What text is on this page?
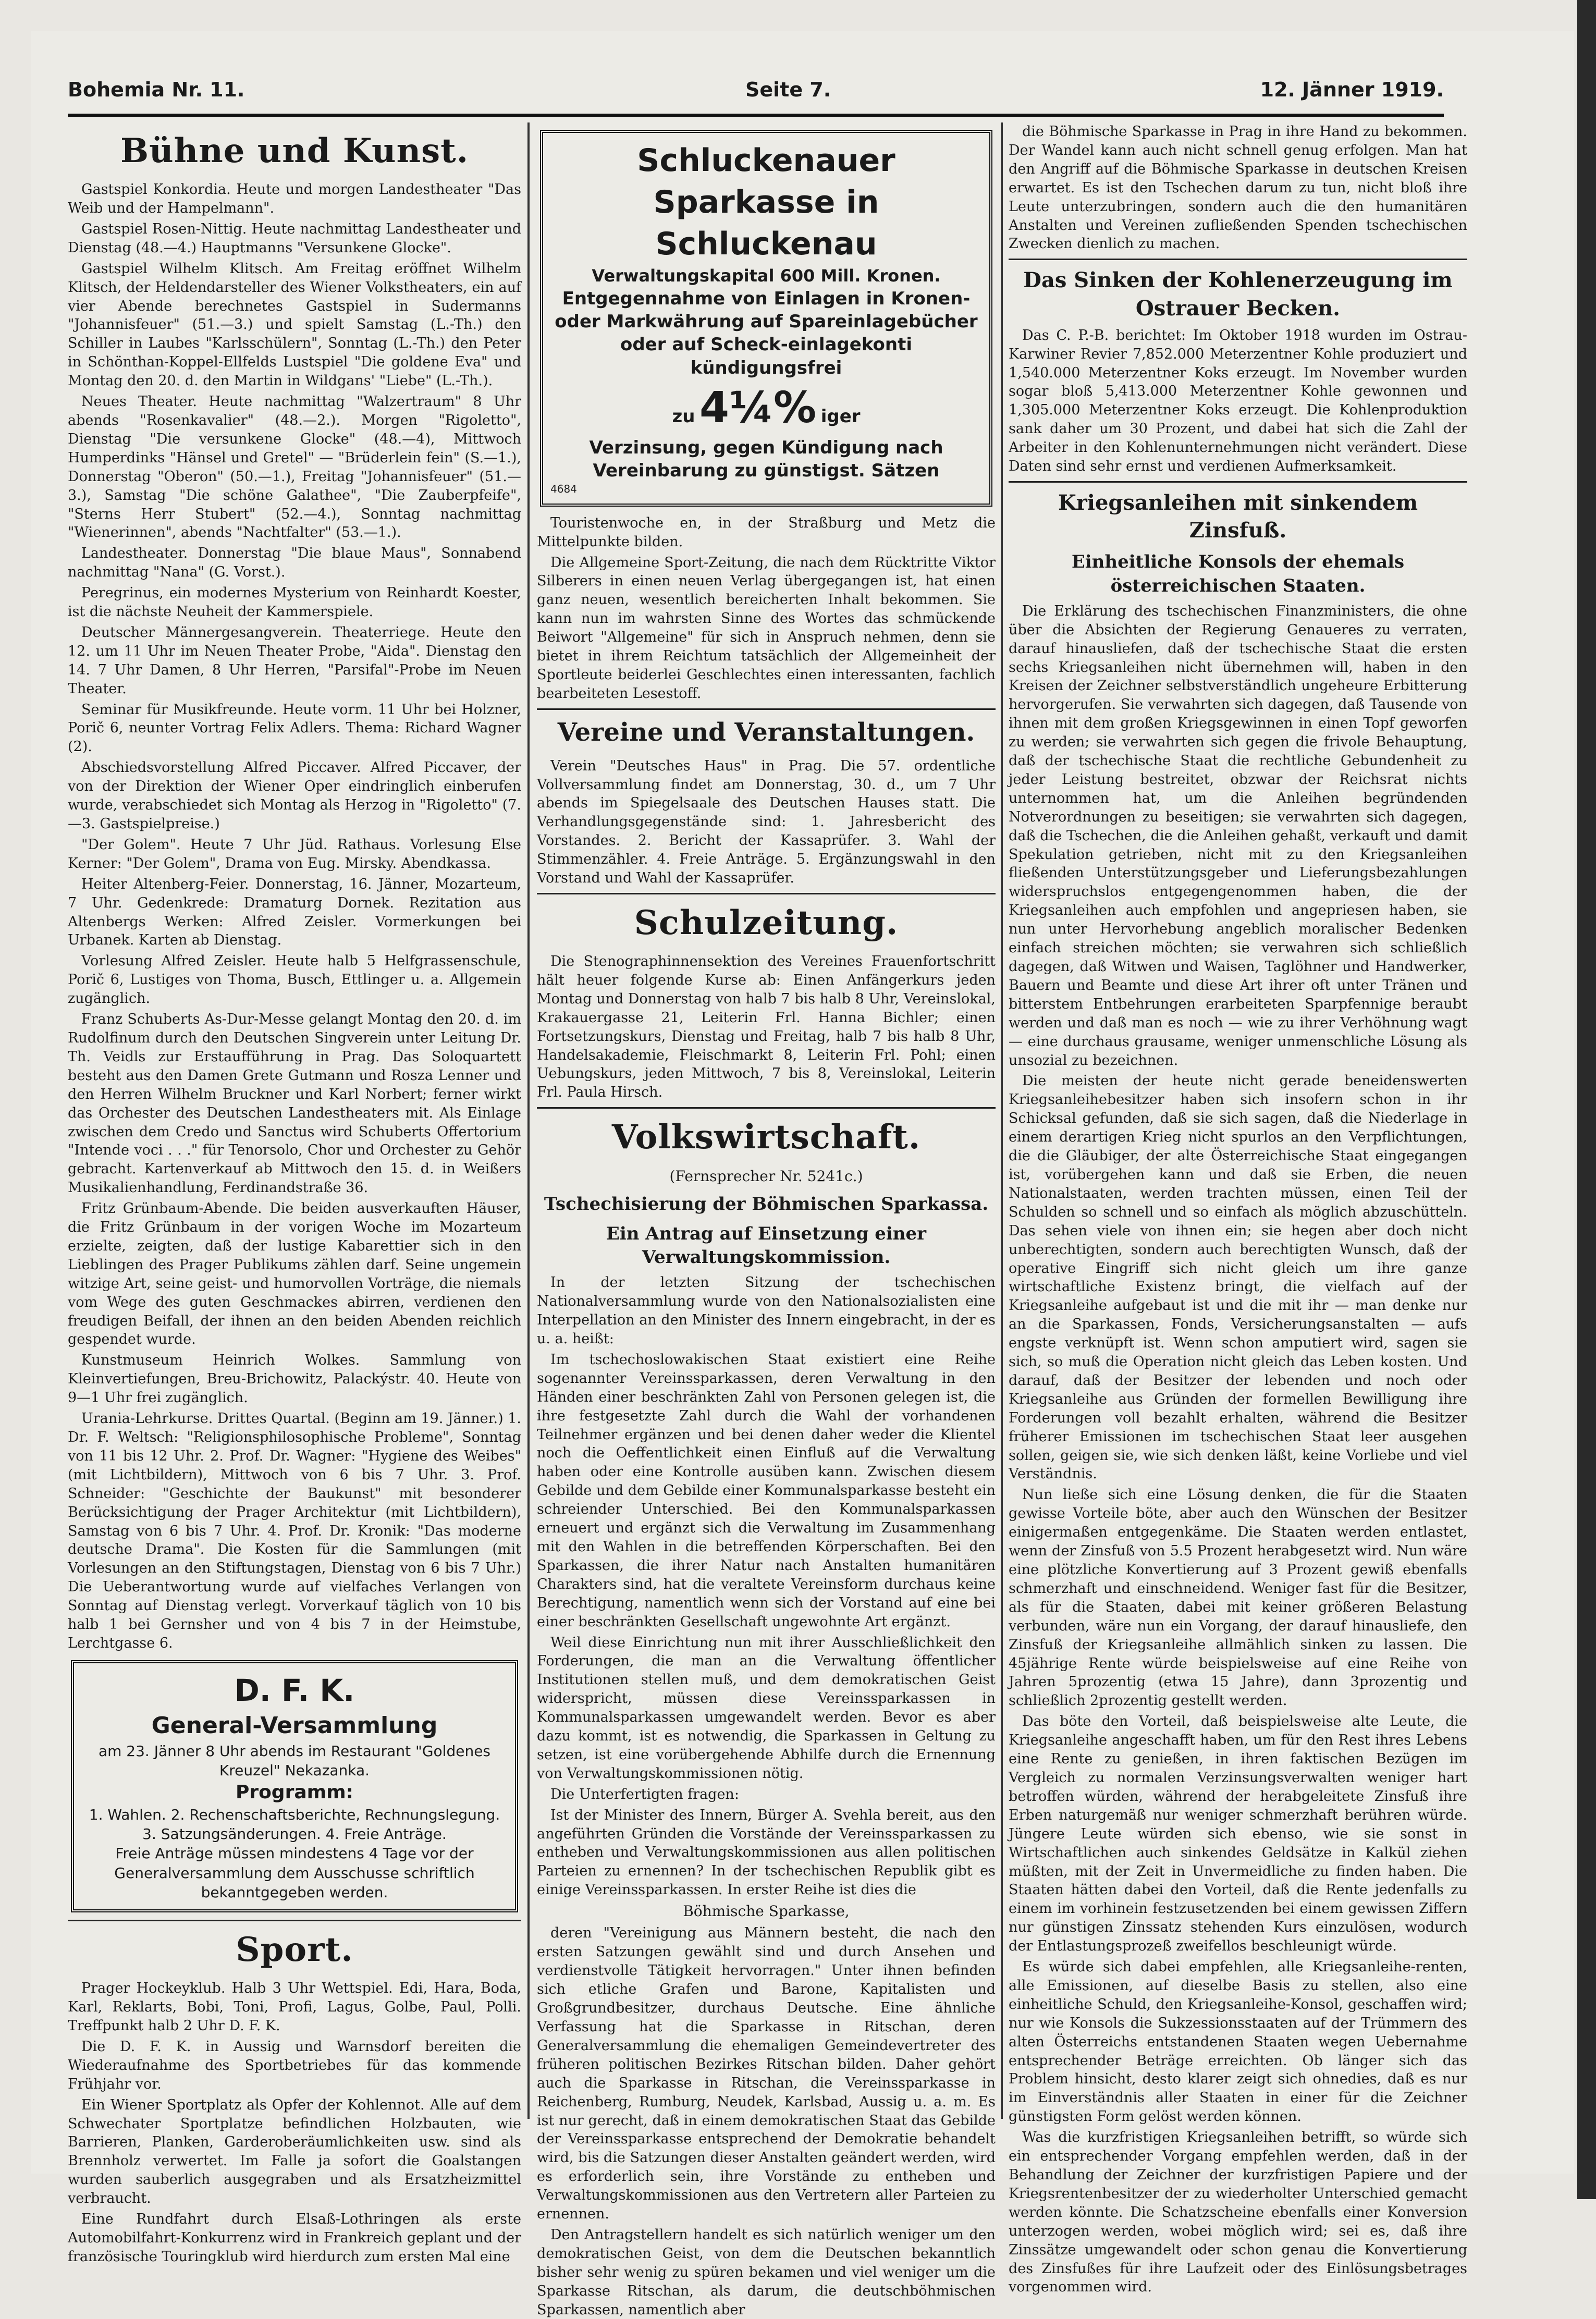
Bohemia Nr. 11.	Seite 7.	12. Jänner 1919.
Bühne und Kunst.

Gastspiel Konkordia. Heute und morgen Landestheater "Das Weib und der Hampelmann".

Gastspiel Rosen-Nittig. Heute nachmittag Landestheater und Dienstag (48.—4.) Hauptmanns "Versunkene Glocke".

Gastspiel Wilhelm Klitsch. Am Freitag eröffnet Wilhelm Klitsch, der Heldendarsteller des Wiener Volkstheaters, ein auf vier Abende berechnetes Gastspiel in Sudermanns "Johannisfeuer" (51.—3.) und spielt Samstag (L.-Th.) den Schiller in Laubes "Karlsschülern", Sonntag (L.-Th.) den Peter in Schönthan-Koppel-Ellfelds Lustspiel "Die goldene Eva" und Montag den 20. d. den Martin in Wildgans' "Liebe" (L.-Th.).

Neues Theater. Heute nachmittag "Walzertraum" 8 Uhr abends "Rosenkavalier" (48.—2.). Morgen "Rigoletto", Dienstag "Die versunkene Glocke" (48.—4), Mittwoch Humperdinks "Hänsel und Gretel" — "Brüderlein fein" (S.—1.), Donnerstag "Oberon" (50.—1.), Freitag "Johannisfeuer" (51.—3.), Samstag "Die schöne Galathee", "Die Zauberpfeife", "Sterns Herr Stubert" (52.—4.), Sonntag nachmittag "Wienerinnen", abends "Nachtfalter" (53.—1.).

Landestheater. Donnerstag "Die blaue Maus", Sonnabend nachmittag "Nana" (G. Vorst.).

Peregrinus, ein modernes Mysterium von Reinhardt Koester, ist die nächste Neuheit der Kammerspiele.

Deutscher Männergesangverein. Theaterriege. Heute den 12. um 11 Uhr im Neuen Theater Probe, "Aida". Dienstag den 14. 7 Uhr Damen, 8 Uhr Herren, "Parsifal"-Probe im Neuen Theater.

Seminar für Musikfreunde. Heute vorm. 11 Uhr bei Holzner, Porič 6, neunter Vortrag Felix Adlers. Thema: Richard Wagner (2).

Abschiedsvorstellung Alfred Piccaver. Alfred Piccaver, der von der Direktion der Wiener Oper eindringlich einberufen wurde, verabschiedet sich Montag als Herzog in "Rigoletto" (7.—3. Gastspielpreise.)

"Der Golem". Heute 7 Uhr Jüd. Rathaus. Vorlesung Else Kerner: "Der Golem", Drama von Eug. Mirsky. Abendkassa.

Heiter Altenberg-Feier. Donnerstag, 16. Jänner, Mozarteum, 7 Uhr. Gedenkrede: Dramaturg Dornek. Rezitation aus Altenbergs Werken: Alfred Zeisler. Vormerkungen bei Urbanek. Karten ab Dienstag.

Vorlesung Alfred Zeisler. Heute halb 5 Helfgrassenschule, Porič 6, Lustiges von Thoma, Busch, Ettlinger u. a. Allgemein zugänglich.

Franz Schuberts As-Dur-Messe gelangt Montag den 20. d. im Rudolfinum durch den Deutschen Singverein unter Leitung Dr. Th. Veidls zur Erstaufführung in Prag. Das Soloquartett besteht aus den Damen Grete Gutmann und Rosza Lenner und den Herren Wilhelm Bruckner und Karl Norbert; ferner wirkt das Orchester des Deutschen Landestheaters mit. Als Einlage zwischen dem Credo und Sanctus wird Schuberts Offertorium "Intende voci . . ." für Tenorsolo, Chor und Orchester zu Gehör gebracht. Kartenverkauf ab Mittwoch den 15. d. in Weißers Musikalienhandlung, Ferdinandstraße 36.

Fritz Grünbaum-Abende. Die beiden ausverkauften Häuser, die Fritz Grünbaum in der vorigen Woche im Mozarteum erzielte, zeigten, daß der lustige Kabarettier sich in den Lieblingen des Prager Publikums zählen darf. Seine ungemein witzige Art, seine geist- und humorvollen Vorträge, die niemals vom Wege des guten Geschmackes abirren, verdienen den freudigen Beifall, der ihnen an den beiden Abenden reichlich gespendet wurde.

Kunstmuseum Heinrich Wolkes. Sammlung von Kleinvertiefungen, Breu-Brichowitz, Palackýstr. 40. Heute von 9—1 Uhr frei zugänglich.

Urania-Lehrkurse. Drittes Quartal. (Beginn am 19. Jänner.) 1. Dr. F. Weltsch: "Religionsphilosophische Probleme", Sonntag von 11 bis 12 Uhr. 2. Prof. Dr. Wagner: "Hygiene des Weibes" (mit Lichtbildern), Mittwoch von 6 bis 7 Uhr. 3. Prof. Schneider: "Geschichte der Baukunst" mit besonderer Berücksichtigung der Prager Architektur (mit Lichtbildern), Samstag von 6 bis 7 Uhr. 4. Prof. Dr. Kronik: "Das moderne deutsche Drama". Die Kosten für die Sammlungen (mit Vorlesungen an den Stiftungstagen, Dienstag von 6 bis 7 Uhr.) Die Ueberantwortung wurde auf vielfaches Verlangen von Sonntag auf Dienstag verlegt. Vorverkauf täglich von 10 bis halb 1 bei Gernsher und von 4 bis 7 in der Heimstube, Lerchtgasse 6.

D. F. K.
General-Versammlung
am 23. Jänner 8 Uhr abends im Restaurant "Goldenes Kreuzel" Nekazanka.
Programm:
1. Wahlen. 2. Rechenschaftsberichte, Rechnungslegung. 3. Satzungsänderungen. 4. Freie Anträge.
Freie Anträge müssen mindestens 4 Tage vor der Generalversammlung dem Ausschusse schriftlich bekanntgegeben werden.
Sport.

Prager Hockeyklub. Halb 3 Uhr Wettspiel. Edi, Hara, Boda, Karl, Reklarts, Bobi, Toni, Profi, Lagus, Golbe, Paul, Polli. Treffpunkt halb 2 Uhr D. F. K.

Die D. F. K. in Aussig und Warnsdorf bereiten die Wiederaufnahme des Sportbetriebes für das kommende Frühjahr vor.

Ein Wiener Sportplatz als Opfer der Kohlennot. Alle auf dem Schwechater Sportplatze befindlichen Holzbauten, wie Barrieren, Planken, Garderoberäumlichkeiten usw. sind als Brennholz verwertet. Im Falle ja sofort die Goalstangen wurden sauberlich ausgegraben und als Ersatzheizmittel verbraucht.

Eine Rundfahrt durch Elsaß-Lothringen als erste Automobilfahrt-Konkurrenz wird in Frankreich geplant und der französische Touringklub wird hierdurch zum ersten Mal eine

Schluckenauer Sparkasse in Schluckenau
Verwaltungskapital 600 Mill. Kronen.
Entgegennahme von Einlagen in Kronen- oder Markwährung auf Spareinlagebücher oder auf Scheck-einlagekonti kündigungsfrei
zu 4¼% iger
Verzinsung, gegen Kündigung nach Vereinbarung zu günstigst. Sätzen
4684

Touristenwoche en, in der Straßburg und Metz die Mittelpunkte bilden.

Die Allgemeine Sport-Zeitung, die nach dem Rücktritte Viktor Silberers in einen neuen Verlag übergegangen ist, hat einen ganz neuen, wesentlich bereicherten Inhalt bekommen. Sie kann nun im wahrsten Sinne des Wortes das schmückende Beiwort "Allgemeine" für sich in Anspruch nehmen, denn sie bietet in ihrem Reichtum tatsächlich der Allgemeinheit der Sportleute beiderlei Geschlechtes einen interessanten, fachlich bearbeiteten Lesestoff.

Vereine und Veranstaltungen.

Verein "Deutsches Haus" in Prag. Die 57. ordentliche Vollversammlung findet am Donnerstag, 30. d., um 7 Uhr abends im Spiegelsaale des Deutschen Hauses statt. Die Verhandlungsgegenstände sind: 1. Jahresbericht des Vorstandes. 2. Bericht der Kassaprüfer. 3. Wahl der Stimmenzähler. 4. Freie Anträge. 5. Ergänzungswahl in den Vorstand und Wahl der Kassaprüfer.

Schulzeitung.

Die Stenographinnensektion des Vereines Frauenfortschritt hält heuer folgende Kurse ab: Einen Anfängerkurs jeden Montag und Donnerstag von halb 7 bis halb 8 Uhr, Vereinslokal, Krakauergasse 21, Leiterin Frl. Hanna Bichler; einen Fortsetzungskurs, Dienstag und Freitag, halb 7 bis halb 8 Uhr, Handelsakademie, Fleischmarkt 8, Leiterin Frl. Pohl; einen Uebungskurs, jeden Mittwoch, 7 bis 8, Vereinslokal, Leiterin Frl. Paula Hirsch.

Volkswirtschaft.
(Fernsprecher Nr. 5241c.)
Tschechisierung der Böhmischen Sparkassa.
Ein Antrag auf Einsetzung einer Verwaltungskommission.

In der letzten Sitzung der tschechischen Nationalversammlung wurde von den Nationalsozialisten eine Interpellation an den Minister des Innern eingebracht, in der es u. a. heißt:

Im tschechoslowakischen Staat existiert eine Reihe sogenannter Vereinssparkassen, deren Verwaltung in den Händen einer beschränkten Zahl von Personen gelegen ist, die ihre festgesetzte Zahl durch die Wahl der vorhandenen Teilnehmer ergänzen und bei denen daher weder die Klientel noch die Oeffentlichkeit einen Einfluß auf die Verwaltung haben oder eine Kontrolle ausüben kann. Zwischen diesem Gebilde und dem Gebilde einer Kommunalsparkasse besteht ein schreiender Unterschied. Bei den Kommunalsparkassen erneuert und ergänzt sich die Verwaltung im Zusammenhang mit den Wahlen in die betreffenden Körperschaften. Bei den Sparkassen, die ihrer Natur nach Anstalten humanitären Charakters sind, hat die veraltete Vereinsform durchaus keine Berechtigung, namentlich wenn sich der Vorstand auf eine bei einer beschränkten Gesellschaft ungewohnte Art ergänzt.

Weil diese Einrichtung nun mit ihrer Ausschließlichkeit den Forderungen, die man an die Verwaltung öffentlicher Institutionen stellen muß, und dem demokratischen Geist widerspricht, müssen diese Vereinssparkassen in Kommunalsparkassen umgewandelt werden. Bevor es aber dazu kommt, ist es notwendig, die Sparkassen in Geltung zu setzen, ist eine vorübergehende Abhilfe durch die Ernennung von Verwaltungskommissionen nötig.

Die Unterfertigten fragen:

Ist der Minister des Innern, Bürger A. Svehla bereit, aus den angeführten Gründen die Vorstände der Vereinssparkassen zu entheben und Verwaltungskommissionen aus allen politischen Parteien zu ernennen? In der tschechischen Republik gibt es einige Vereinssparkassen. In erster Reihe ist dies die

Böhmische Sparkasse,

deren "Vereinigung aus Männern besteht, die nach den ersten Satzungen gewählt sind und durch Ansehen und verdienstvolle Tätigkeit hervorragen." Unter ihnen befinden sich etliche Grafen und Barone, Kapitalisten und Großgrundbesitzer, durchaus Deutsche. Eine ähnliche Verfassung hat die Sparkasse in Ritschan, deren Generalversammlung die ehemaligen Gemeindevertreter des früheren politischen Bezirkes Ritschan bilden. Daher gehört auch die Sparkasse in Ritschan, die Vereinssparkasse in Reichenberg, Rumburg, Neudek, Karlsbad, Aussig u. a. m. Es ist nur gerecht, daß in einem demokratischen Staat das Gebilde der Vereinssparkasse entsprechend der Demokratie behandelt wird, bis die Satzungen dieser Anstalten geändert werden, wird es erforderlich sein, ihre Vorstände zu entheben und Verwaltungskommissionen aus den Vertretern aller Parteien zu ernennen.

Den Antragstellern handelt es sich natürlich weniger um den demokratischen Geist, von dem die Deutschen bekanntlich bisher sehr wenig zu spüren bekamen und viel weniger um die Sparkasse Ritschan, als darum, die deutschböhmischen Sparkassen, namentlich aber

die Böhmische Sparkasse in Prag in ihre Hand zu bekommen. Der Wandel kann auch nicht schnell genug erfolgen. Man hat den Angriff auf die Böhmische Sparkasse in deutschen Kreisen erwartet. Es ist den Tschechen darum zu tun, nicht bloß ihre Leute unterzubringen, sondern auch die den humanitären Anstalten und Vereinen zufließenden Spenden tschechischen Zwecken dienlich zu machen.

Das Sinken der Kohlenerzeugung im Ostrauer Becken.

Das C. P.-B. berichtet: Im Oktober 1918 wurden im Ostrau-Karwiner Revier 7,852.000 Meterzentner Kohle produziert und 1,540.000 Meterzentner Koks erzeugt. Im November wurden sogar bloß 5,413.000 Meterzentner Kohle gewonnen und 1,305.000 Meterzentner Koks erzeugt. Die Kohlenproduktion sank daher um 30 Prozent, und dabei hat sich die Zahl der Arbeiter in den Kohlenunternehmungen nicht verändert. Diese Daten sind sehr ernst und verdienen Aufmerksamkeit.

Kriegsanleihen mit sinkendem Zinsfuß.
Einheitliche Konsols der ehemals österreichischen Staaten.

Die Erklärung des tschechischen Finanzministers, die ohne über die Absichten der Regierung Genaueres zu verraten, darauf hinausliefen, daß der tschechische Staat die ersten sechs Kriegsanleihen nicht übernehmen will, haben in den Kreisen der Zeichner selbstverständlich ungeheure Erbitterung hervorgerufen. Sie verwahrten sich dagegen, daß Tausende von ihnen mit dem großen Kriegsgewinnen in einen Topf geworfen zu werden; sie verwahrten sich gegen die frivole Behauptung, daß der tschechische Staat die rechtliche Gebundenheit zu jeder Leistung bestreitet, obzwar der Reichsrat nichts unternommen hat, um die Anleihen begründenden Notverordnungen zu beseitigen; sie verwahrten sich dagegen, daß die Tschechen, die die Anleihen gehaßt, verkauft und damit Spekulation getrieben, nicht mit zu den Kriegsanleihen fließenden Unterstützungsgeber und Lieferungsbezahlungen widerspruchslos entgegengenommen haben, die der Kriegsanleihen auch empfohlen und angepriesen haben, sie nun unter Hervorhebung angeblich moralischer Bedenken einfach streichen möchten; sie verwahren sich schließlich dagegen, daß Witwen und Waisen, Taglöhner und Handwerker, Bauern und Beamte und diese Art ihrer oft unter Tränen und bitterstem Entbehrungen erarbeiteten Sparpfennige beraubt werden und daß man es noch — wie zu ihrer Verhöhnung wagt — eine durchaus grausame, weniger unmenschliche Lösung als unsozial zu bezeichnen.

Die meisten der heute nicht gerade beneidenswerten Kriegsanleihebesitzer haben sich insofern schon in ihr Schicksal gefunden, daß sie sich sagen, daß die Niederlage in einem derartigen Krieg nicht spurlos an den Verpflichtungen, die die Gläubiger, der alte Österreichische Staat eingegangen ist, vorübergehen kann und daß sie Erben, die neuen Nationalstaaten, werden trachten müssen, einen Teil der Schulden so schnell und so einfach als möglich abzuschütteln. Das sehen viele von ihnen ein; sie hegen aber doch nicht unberechtigten, sondern auch berechtigten Wunsch, daß der operative Eingriff sich nicht gleich um ihre ganze wirtschaftliche Existenz bringt, die vielfach auf der Kriegsanleihe aufgebaut ist und die mit ihr — man denke nur an die Sparkassen, Fonds, Versicherungsanstalten — aufs engste verknüpft ist. Wenn schon amputiert wird, sagen sie sich, so muß die Operation nicht gleich das Leben kosten. Und darauf, daß der Besitzer der lebenden und noch oder Kriegsanleihe aus Gründen der formellen Bewilligung ihre Forderungen voll bezahlt erhalten, während die Besitzer früherer Emissionen im tschechischen Staat leer ausgehen sollen, geigen sie, wie sich denken läßt, keine Vorliebe und viel Verständnis.

Nun ließe sich eine Lösung denken, die für die Staaten gewisse Vorteile böte, aber auch den Wünschen der Besitzer einigermaßen entgegenkäme. Die Staaten werden entlastet, wenn der Zinsfuß von 5.5 Prozent herabgesetzt wird. Nun wäre eine plötzliche Konvertierung auf 3 Prozent gewiß ebenfalls schmerzhaft und einschneidend. Weniger fast für die Besitzer, als für die Staaten, dabei mit keiner größeren Belastung verbunden, wäre nun ein Vorgang, der darauf hinausliefe, den Zinsfuß der Kriegsanleihe allmählich sinken zu lassen. Die 45jährige Rente würde beispielsweise auf eine Reihe von Jahren 5prozentig (etwa 15 Jahre), dann 3prozentig und schließlich 2prozentig gestellt werden.

Das böte den Vorteil, daß beispielsweise alte Leute, die Kriegsanleihe angeschafft haben, um für den Rest ihres Lebens eine Rente zu genießen, in ihren faktischen Bezügen im Vergleich zu normalen Verzinsungsverwalten weniger hart betroffen würden, während der herabgeleitete Zinsfuß ihre Erben naturgemäß nur weniger schmerzhaft berühren würde. Jüngere Leute würden sich ebenso, wie sie sonst in Wirtschaftlichen auch sinkendes Geldsätze in Kalkül ziehen müßten, mit der Zeit in Unvermeidliche zu finden haben. Die Staaten hätten dabei den Vorteil, daß die Rente jedenfalls zu einem im vorhinein festzusetzenden bei einem gewissen Ziffern nur günstigen Zinssatz stehenden Kurs einzulösen, wodurch der Entlastungsprozeß zweifellos beschleunigt würde.

Es würde sich dabei empfehlen, alle Kriegsanleihe-renten, alle Emissionen, auf dieselbe Basis zu stellen, also eine einheitliche Schuld, den Kriegsanleihe-Konsol, geschaffen wird; nur wie Konsols die Sukzessionsstaaten auf der Trümmern des alten Österreichs entstandenen Staaten wegen Uebernahme entsprechender Beträge erreichten. Ob länger sich das Problem hinsicht, desto klarer zeigt sich ohnedies, daß es nur im Einverständnis aller Staaten in einer für die Zeichner günstigsten Form gelöst werden können.

Was die kurzfristigen Kriegsanleihen betrifft, so würde sich ein entsprechender Vorgang empfehlen werden, daß in der Behandlung der Zeichner der kurzfristigen Papiere und der Kriegsrentenbesitzer der zu wiederholter Unterschied gemacht werden könnte. Die Schatzscheine ebenfalls einer Konversion unterzogen werden, wobei möglich wird; sei es, daß ihre Zinssätze umgewandelt oder schon genau die Konvertierung des Zinsfußes für ihre Laufzeit oder des Einlösungsbetrages vorgenommen wird.
